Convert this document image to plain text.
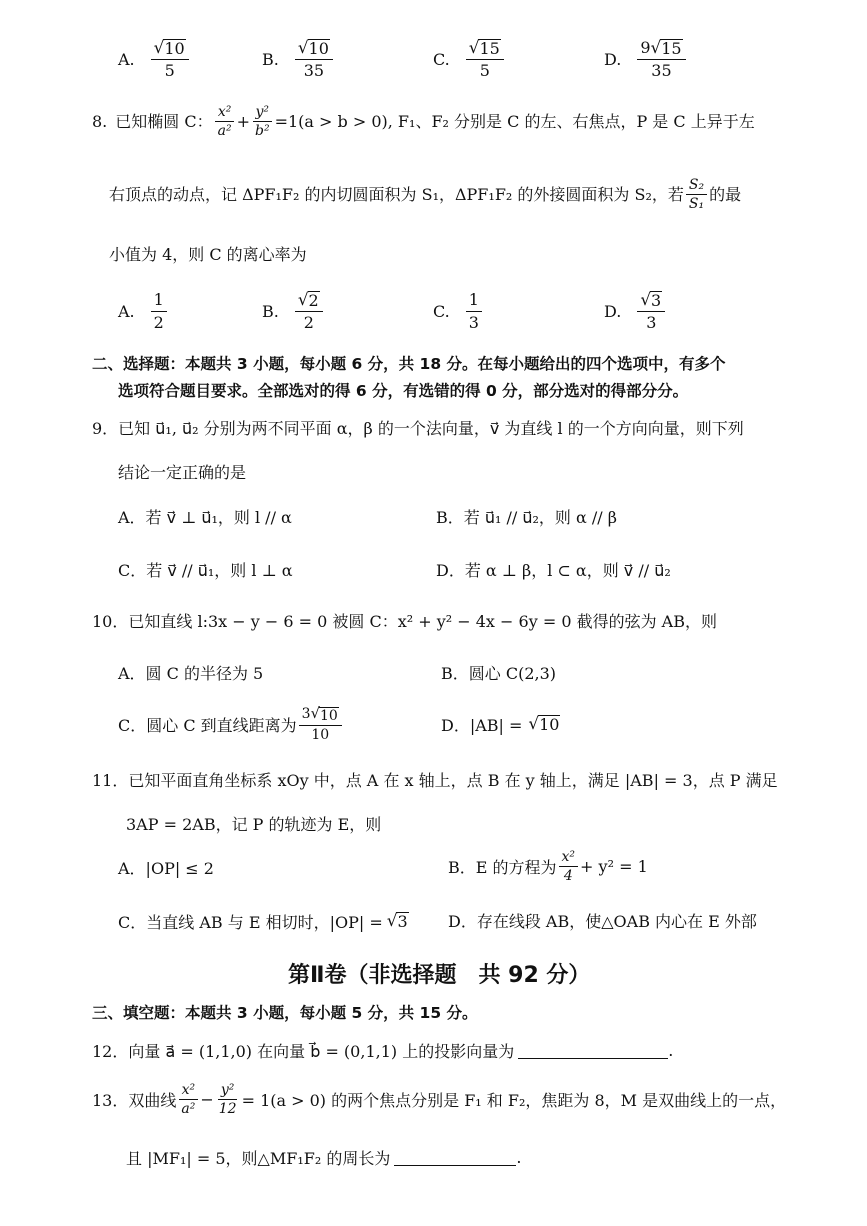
A. $\frac{√ 10}{5}$	B. $\frac{√ 10}{35}$	C. $\frac{√ 15}{5}$	D. $\frac{9 √ 15}{35}$
8. 已知椭圆 C： $\frac{\text{x²}}{\text{a²}} + \frac{\text{y²}}{\text{b²}} =1(a > b > 0)$, F₁、F₂ 分别是 C 的左、右焦点，P 是 C 上异于左
右顶点的动点，记 ΔPF₁F₂ 的内切圆面积为 S₁，ΔPF₁F₂ 的外接圆面积为 S₂，若 $\frac{\text{S₂}}{\text{S₁}}$ 的最
小值为 4，则 C 的离心率为
A. $\frac{1}{2}$	B. $\frac{√ 2}{2}$	C. $\frac{1}{3}$	D. $\frac{√ 3}{3}$
二、选择题：本题共 3 小题，每小题 6 分，共 18 分。在每小题给出的四个选项中，有多个
选项符合题目要求。全部选对的得 6 分，有选错的得 0 分，部分选对的得部分分。
9．已知 u⃗₁, u⃗₂ 分别为两不同平面 α，β 的一个法向量，v⃗ 为直线 l 的一个方向向量，则下列
结论一定正确的是
A．若 v⃗ ⊥ u⃗₁，则 l // α	B．若 u⃗₁ // u⃗₂，则 α // β
C．若 v⃗ // u⃗₁，则 l ⊥ α	D．若 α ⊥ β，l ⊂ α，则 v⃗ // u⃗₂
10．已知直线 l:3x − y − 6 = 0 被圆 C：x² + y² − 4x − 6y = 0 截得的弦为 AB，则
A．圆 C 的半径为 5	B．圆心 C(2,3)
C．圆心 C 到直线距离为 $\frac{3 √ 10}{10}$	D．|AB| = √ 10
11．已知平面直角坐标系 xOy 中，点 A 在 x 轴上，点 B 在 y 轴上，满足 |AB| = 3，点 P 满足
3AP = 2AB，记 P 的轨迹为 E，则
A．|OP| ≤ 2	B．E 的方程为 $\frac{\text{x²}}{4} + y^2 = 1$
C．当直线 AB 与 E 相切时，|OP| = √ 3	D．存在线段 AB，使△OAB 内心在 E 外部
第Ⅱ卷（非选择题　共 92 分）
三、填空题：本题共 3 小题，每小题 5 分，共 15 分。
12．向量 a⃗ = (1,1,0) 在向量 b⃗ = (0,1,1) 上的投影向量为	.
13．双曲线 $\frac{\text{x²}}{\text{a²}} - \frac{\text{y²}}{12} = 1(a > 0)$ 的两个焦点分别是 F₁ 和 F₂，焦距为 8，M 是双曲线上的一点，
且 |MF₁| = 5，则△MF₁F₂ 的周长为	.
